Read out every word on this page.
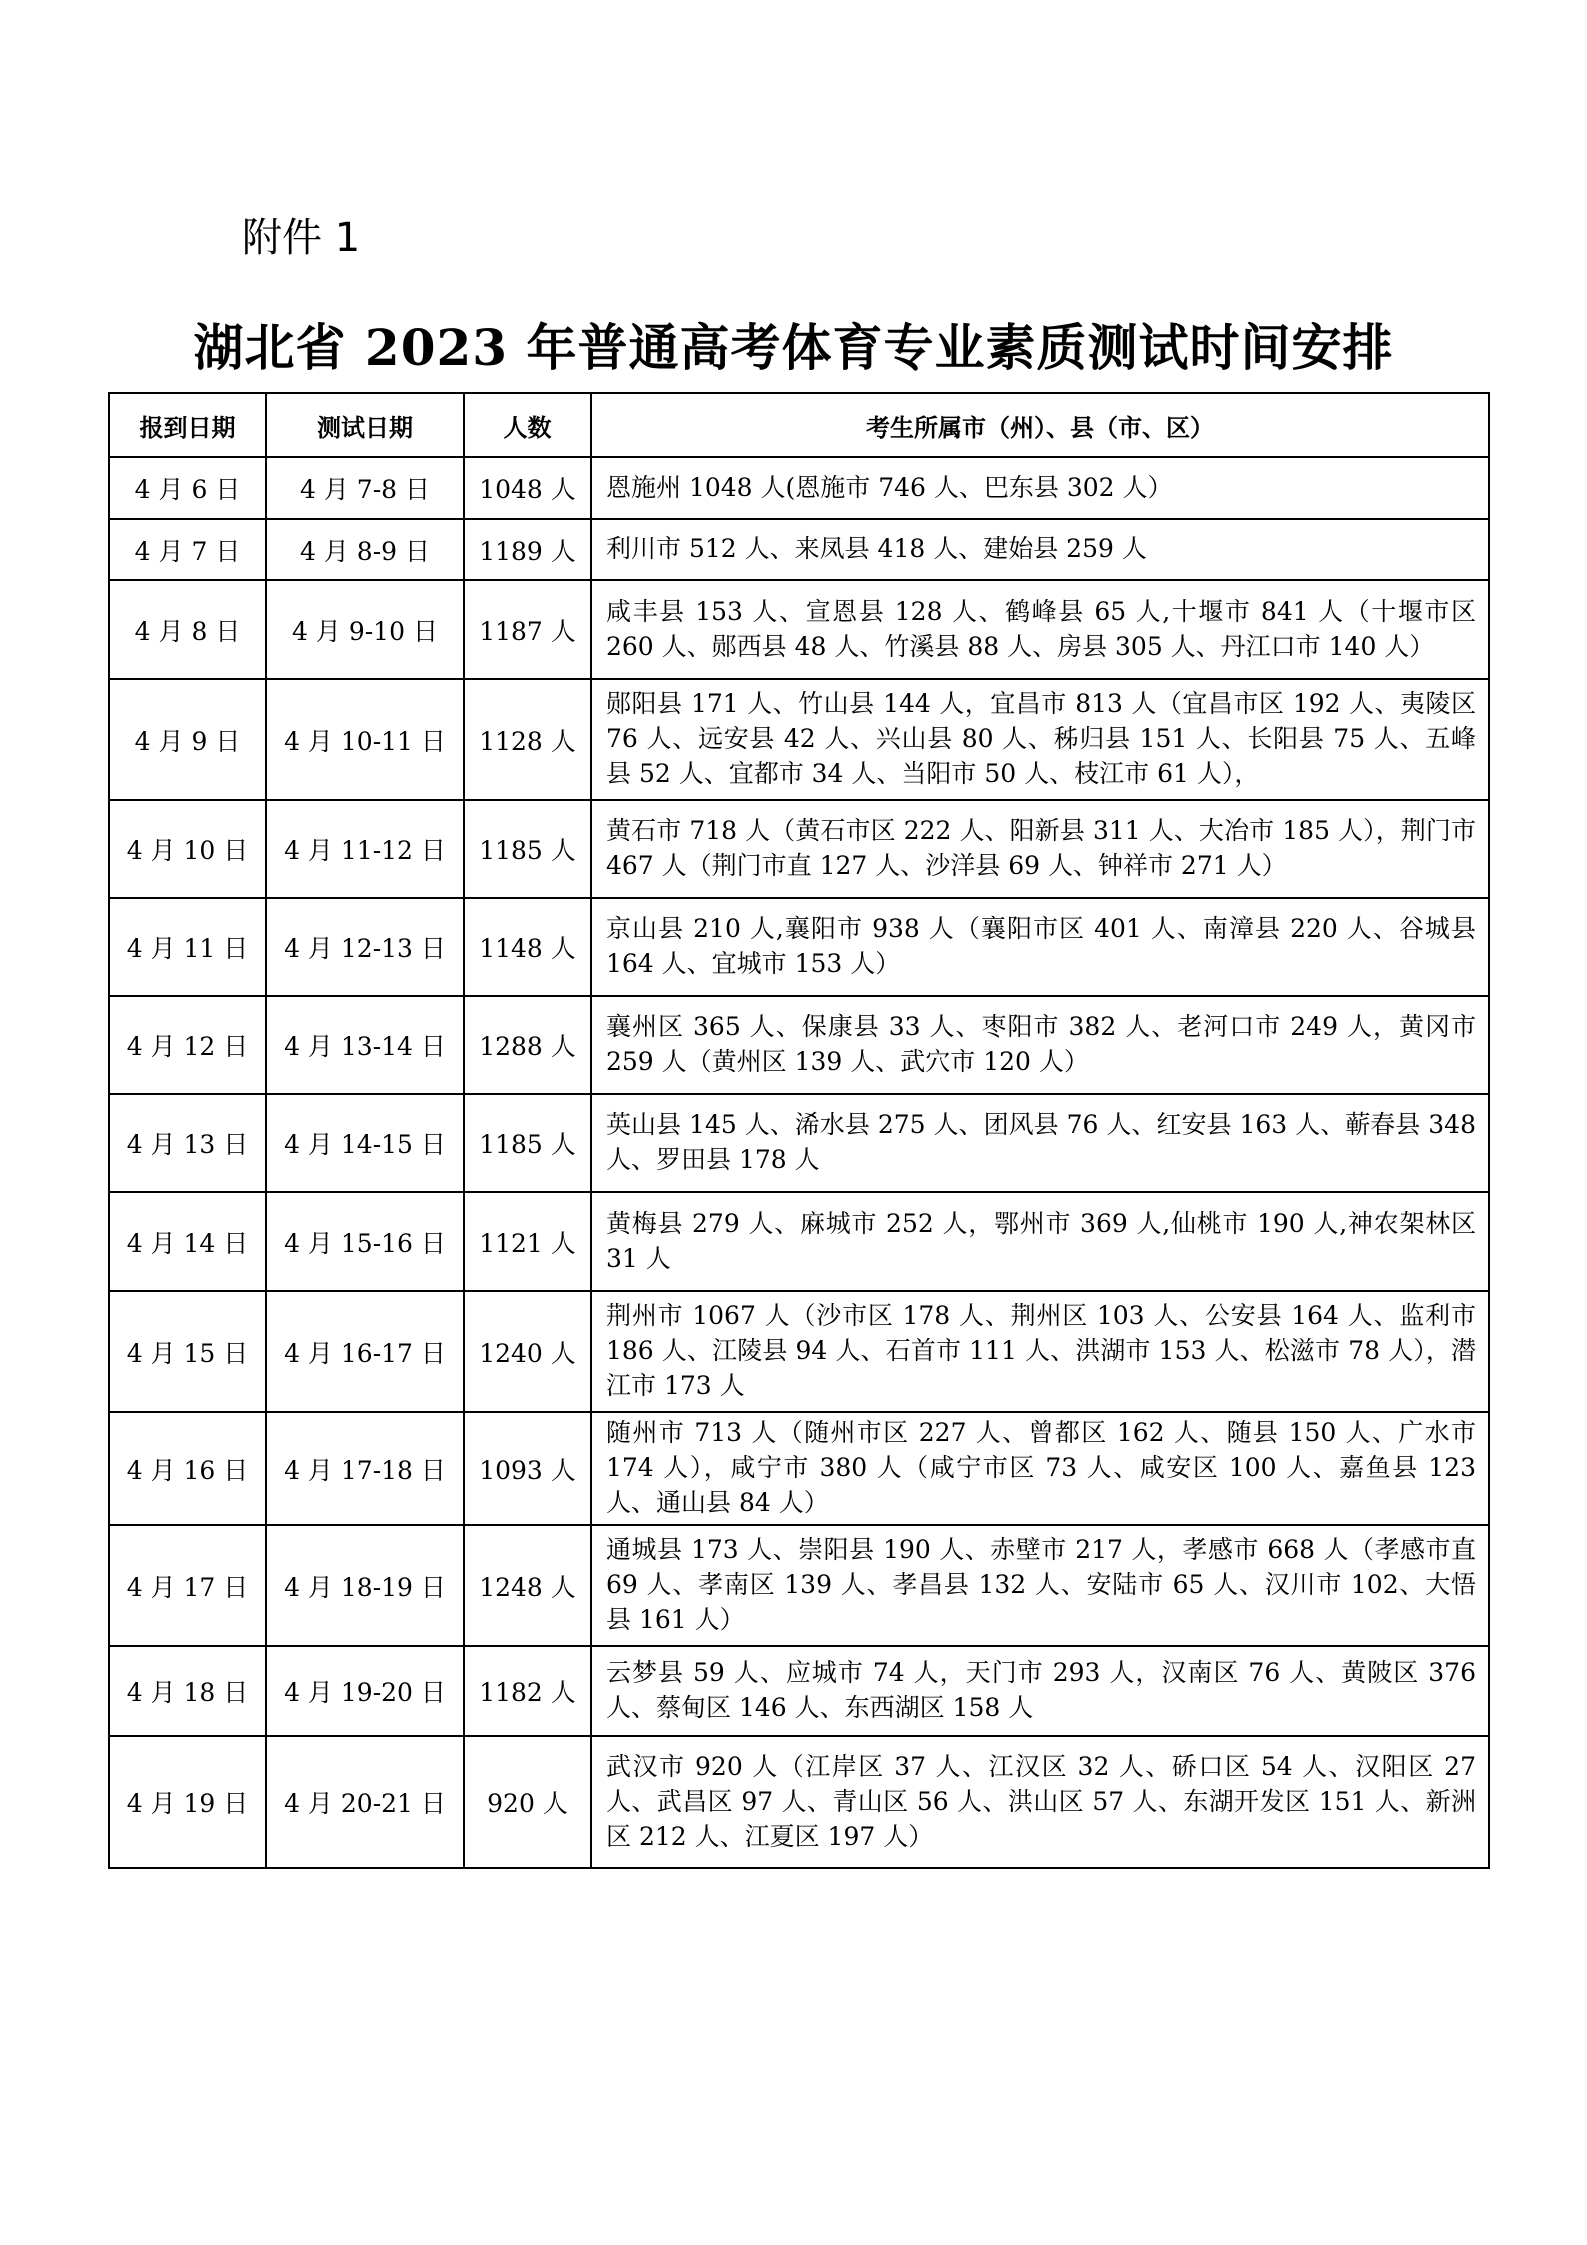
附件 1
湖北省 2023 年普通高考体育专业素质测试时间安排
报到日期	测试日期	人数	考生所属市（州）、县（市、区）
4 月 6 日	4 月 7-8 日	1048 人	恩施州 1048 人(恩施市 746 人、巴东县 302 人）
4 月 7 日	4 月 8-9 日	1189 人	利川市 512 人、来凤县 418 人、建始县 259 人
4 月 8 日	4 月 9-10 日	1187 人	咸丰县 153 人、宣恩县 128 人、鹤峰县 65 人,十堰市 841 人（十堰市区 260 人、郧西县 48 人、竹溪县 88 人、房县 305 人、丹江口市 140 人）
4 月 9 日	4 月 10-11 日	1128 人	郧阳县 171 人、竹山县 144 人，宜昌市 813 人（宜昌市区 192 人、夷陵区 76 人、远安县 42 人、兴山县 80 人、秭归县 151 人、长阳县 75 人、五峰县 52 人、宜都市 34 人、当阳市 50 人、枝江市 61 人），
4 月 10 日	4 月 11-12 日	1185 人	黄石市 718 人（黄石市区 222 人、阳新县 311 人、大冶市 185 人），荆门市 467 人（荆门市直 127 人、沙洋县 69 人、钟祥市 271 人）
4 月 11 日	4 月 12-13 日	1148 人	京山县 210 人,襄阳市 938 人（襄阳市区 401 人、南漳县 220 人、谷城县 164 人、宜城市 153 人）
4 月 12 日	4 月 13-14 日	1288 人	襄州区 365 人、保康县 33 人、枣阳市 382 人、老河口市 249 人，黄冈市 259 人（黄州区 139 人、武穴市 120 人）
4 月 13 日	4 月 14-15 日	1185 人	英山县 145 人、浠水县 275 人、团风县 76 人、红安县 163 人、蕲春县 348 人、罗田县 178 人
4 月 14 日	4 月 15-16 日	1121 人	黄梅县 279 人、麻城市 252 人，鄂州市 369 人,仙桃市 190 人,神农架林区 31 人
4 月 15 日	4 月 16-17 日	1240 人	荆州市 1067 人（沙市区 178 人、荆州区 103 人、公安县 164 人、监利市 186 人、江陵县 94 人、石首市 111 人、洪湖市 153 人、松滋市 78 人），潜江市 173 人
4 月 16 日	4 月 17-18 日	1093 人	随州市 713 人（随州市区 227 人、曾都区 162 人、随县 150 人、广水市 174 人），咸宁市 380 人（咸宁市区 73 人、咸安区 100 人、嘉鱼县 123 人、通山县 84 人）
4 月 17 日	4 月 18-19 日	1248 人	通城县 173 人、崇阳县 190 人、赤壁市 217 人，孝感市 668 人（孝感市直 69 人、孝南区 139 人、孝昌县 132 人、安陆市 65 人、汉川市 102、大悟县 161 人）
4 月 18 日	4 月 19-20 日	1182 人	云梦县 59 人、应城市 74 人，天门市 293 人，汉南区 76 人、黄陂区 376 人、蔡甸区 146 人、东西湖区 158 人
4 月 19 日	4 月 20-21 日	920 人	武汉市 920 人（江岸区 37 人、江汉区 32 人、硚口区 54 人、汉阳区 27 人、武昌区 97 人、青山区 56 人、洪山区 57 人、东湖开发区 151 人、新洲区 212 人、江夏区 197 人）
